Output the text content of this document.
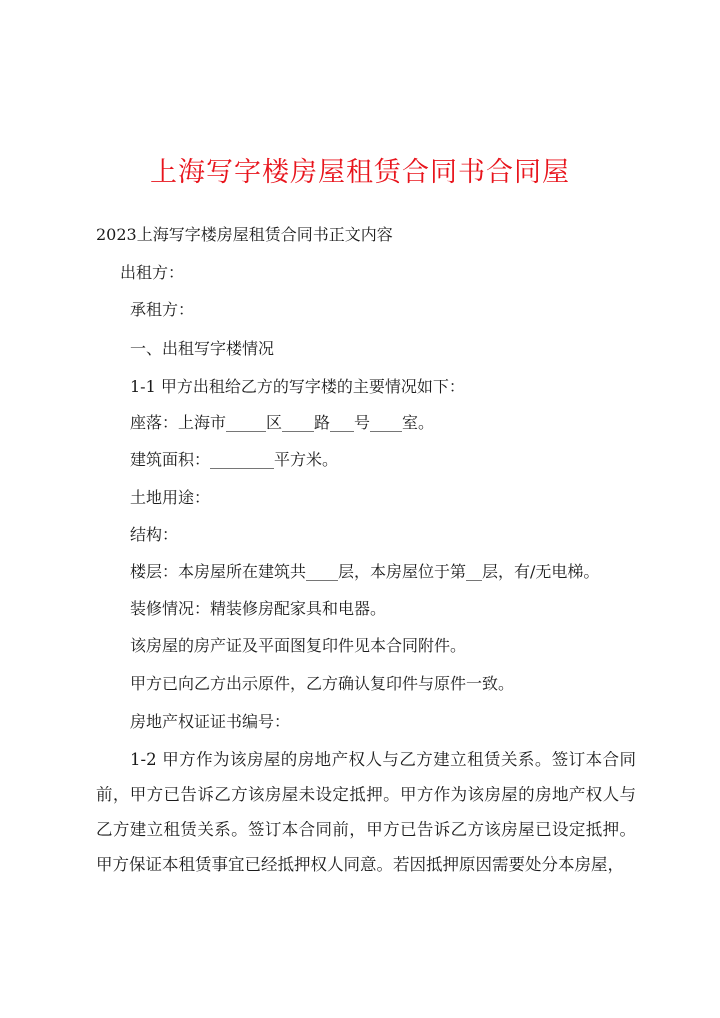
上海写字楼房屋租赁合同书合同屋

2023上海写字楼房屋租赁合同书正文内容

出租方：

承租方：

一、出租写字楼情况

1-1 甲方出租给乙方的写字楼的主要情况如下：

座落：上海市_____区____路___号____室。

建筑面积：________平方米。

土地用途：

结构：

楼层：本房屋所在建筑共____层，本房屋位于第__层，有/无电梯。

装修情况：精装修房配家具和电器。

该房屋的房产证及平面图复印件见本合同附件。

甲方已向乙方出示原件，乙方确认复印件与原件一致。

房地产权证证书编号：

1-2 甲方作为该房屋的房地产权人与乙方建立租赁关系。签订本合同前，甲方已告诉乙方该房屋未设定抵押。甲方作为该房屋的房地产权人与乙方建立租赁关系。签订本合同前，甲方已告诉乙方该房屋已设定抵押。甲方保证本租赁事宜已经抵押权人同意。若因抵押原因需要处分本房屋，
